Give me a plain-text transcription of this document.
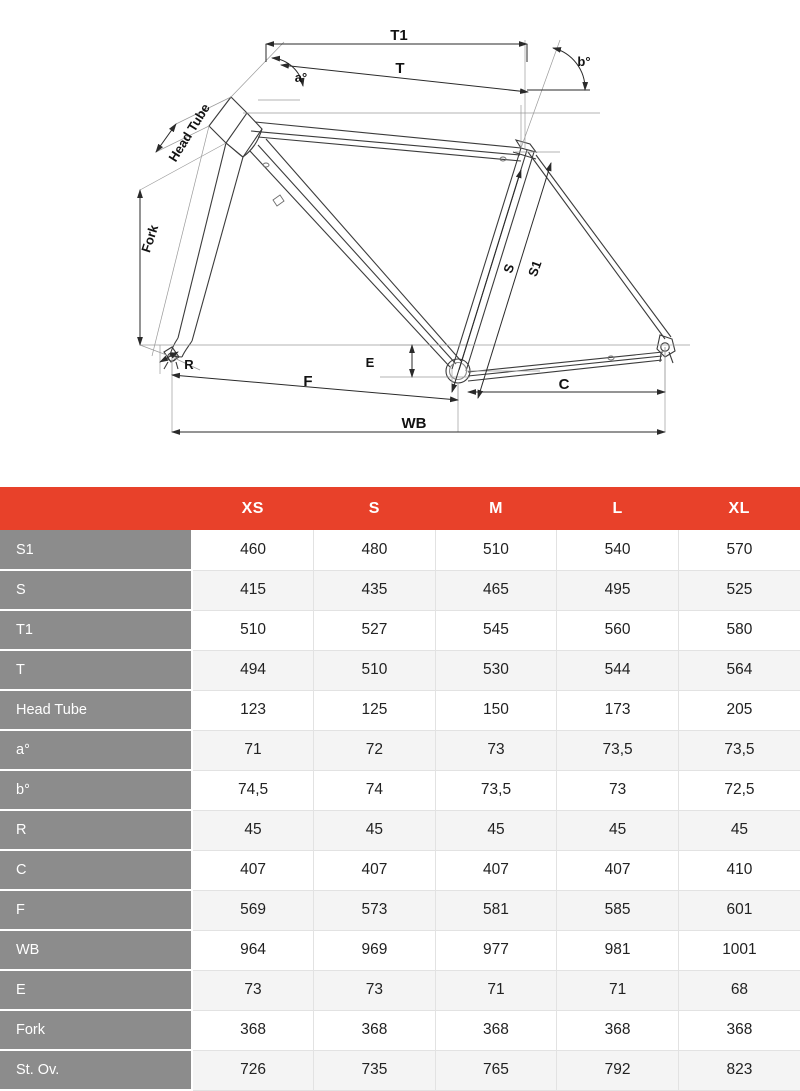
T1
T
a°
b°
Head Tube
Fork
S S1
R	E
F	C
WB
	XS	S	M	L	XL
S1	460	480	510	540	570
S	415	435	465	495	525
T1	510	527	545	560	580
T	494	510	530	544	564
Head Tube	123	125	150	173	205
a°	71	72	73	73,5	73,5
b°	74,5	74	73,5	73	72,5
R	45	45	45	45	45
C	407	407	407	407	410
F	569	573	581	585	601
WB	964	969	977	981	1001
E	73	73	71	71	68
Fork	368	368	368	368	368
St. Ov.	726	735	765	792	823
